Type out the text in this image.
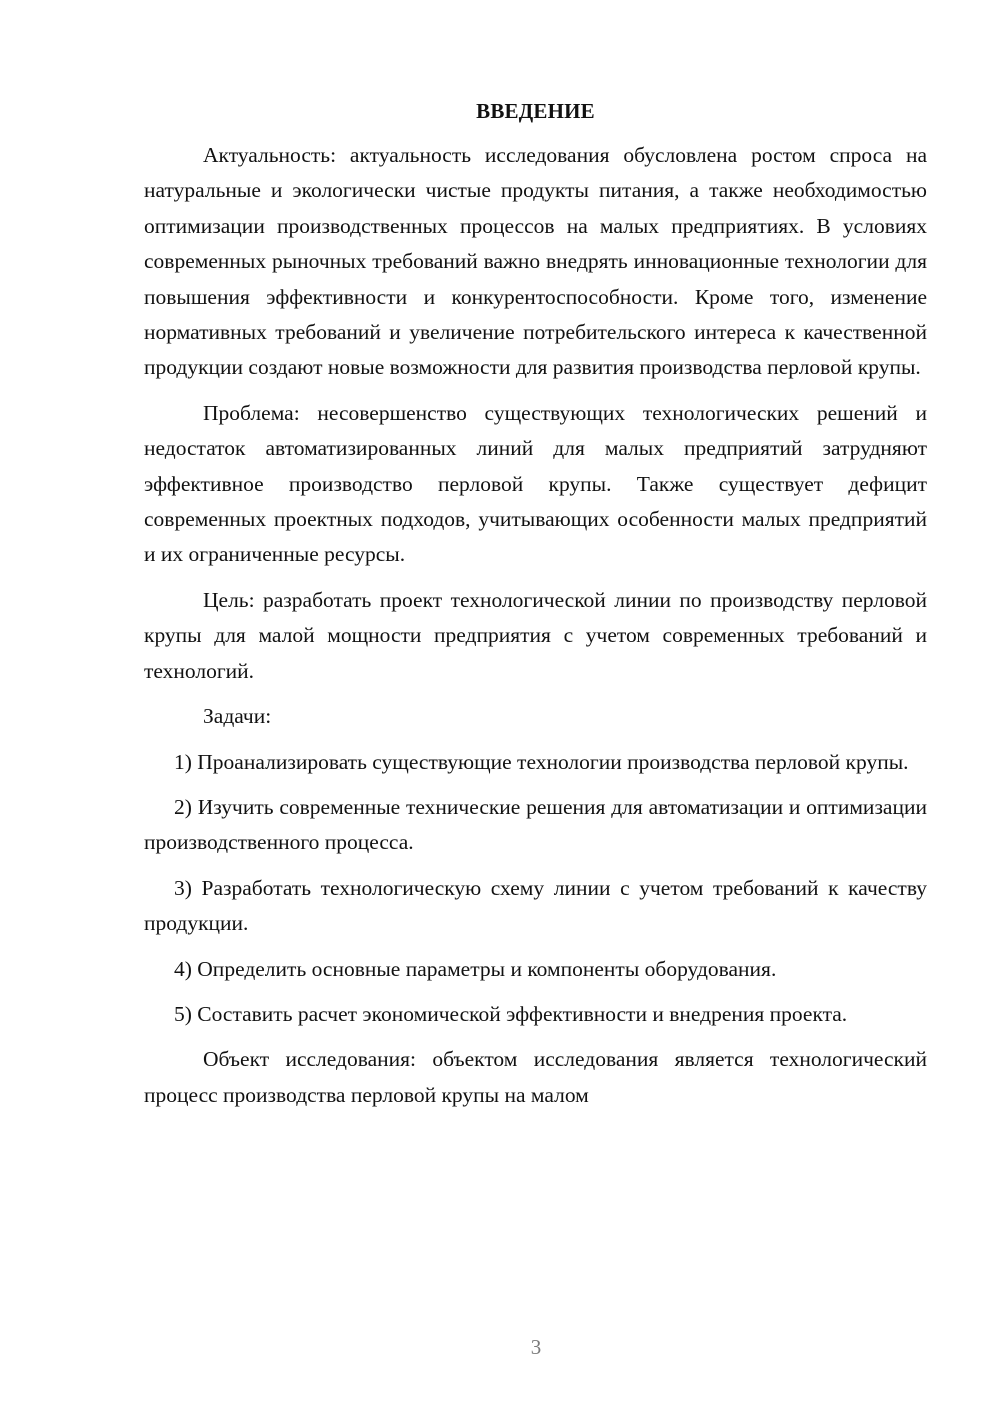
ВВЕДЕНИЕ

Актуальность: актуальность исследования обусловлена ростом спроса на натуральные и экологически чистые продукты питания, а также необходимостью оптимизации производственных процессов на малых предприятиях. В условиях современных рыночных требований важно внедрять инновационные технологии для повышения эффективности и конкурентоспособности. Кроме того, изменение нормативных требований и увеличение потребительского интереса к качественной продукции создают новые возможности для развития производства перловой крупы.

Проблема: несовершенство существующих технологических решений и недостаток автоматизированных линий для малых предприятий затрудняют эффективное производство перловой крупы. Также существует дефицит современных проектных подходов, учитывающих особенности малых предприятий и их ограниченные ресурсы.

Цель: разработать проект технологической линии по производству перловой крупы для малой мощности предприятия с учетом современных требований и технологий.

Задачи:

1) Проанализировать существующие технологии производства перловой крупы.

2) Изучить современные технические решения для автоматизации и оптимизации производственного процесса.

3) Разработать технологическую схему линии с учетом требований к качеству продукции.

4) Определить основные параметры и компоненты оборудования.

5) Составить расчет экономической эффективности и внедрения проекта.

Объект исследования: объектом исследования является технологический процесс производства перловой крупы на малом

3
